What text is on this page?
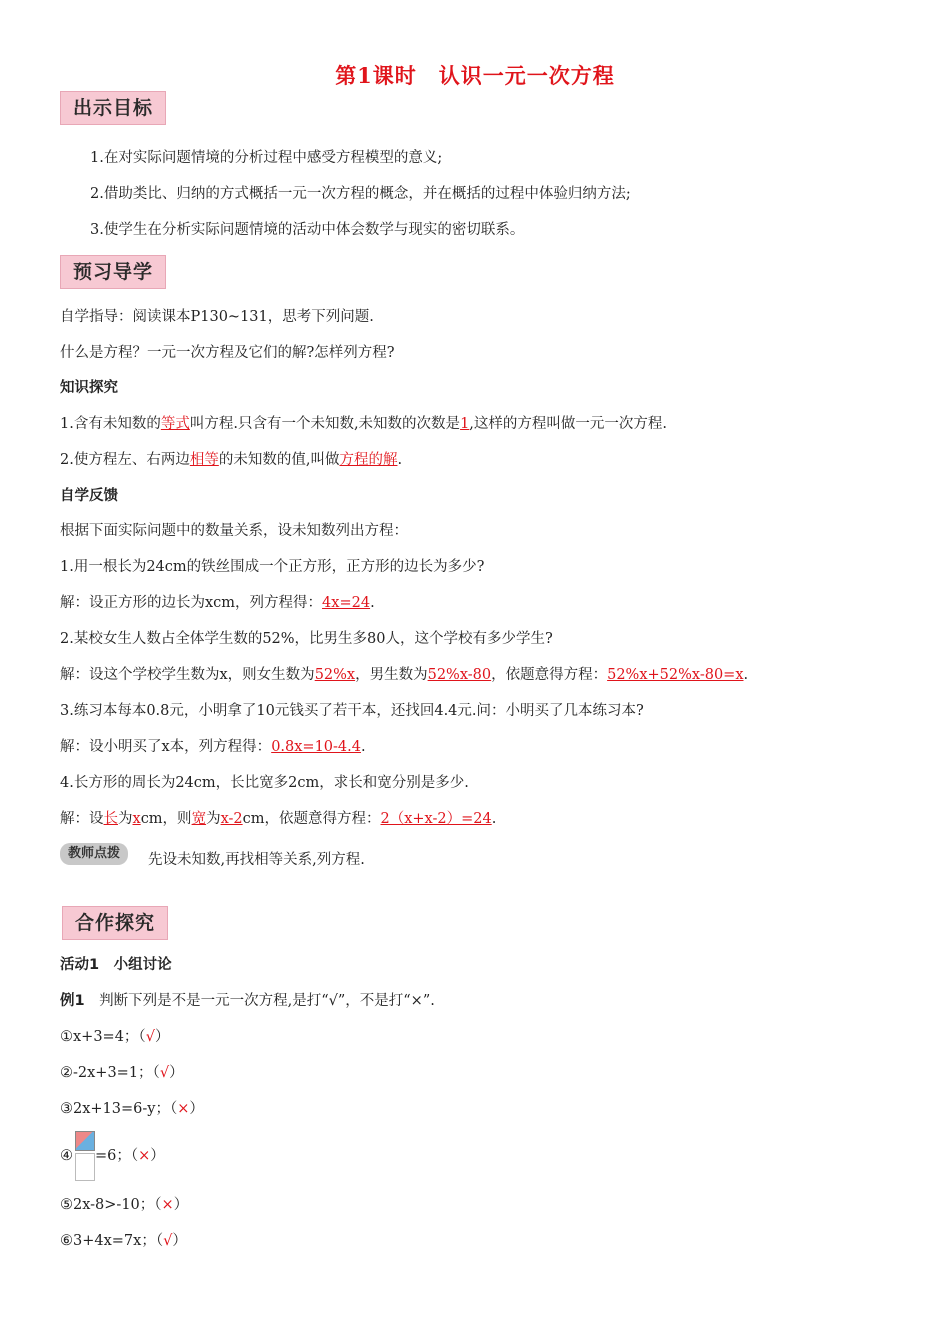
第1课时　认识一元一次方程
出示目标
1.在对实际问题情境的分析过程中感受方程模型的意义;
2.借助类比、归纳的方式概括一元一次方程的概念，并在概括的过程中体验归纳方法;
3.使学生在分析实际问题情境的活动中体会数学与现实的密切联系。
预习导学
自学指导：阅读课本P130~131，思考下列问题.
什么是方程？一元一次方程及它们的解?怎样列方程?
知识探究
1.含有未知数的等式叫方程.只含有一个未知数,未知数的次数是1,这样的方程叫做一元一次方程.
2.使方程左、右两边相等的未知数的值,叫做方程的解.
自学反馈
根据下面实际问题中的数量关系，设未知数列出方程：
1.用一根长为24cm的铁丝围成一个正方形，正方形的边长为多少?
解：设正方形的边长为xcm，列方程得：4x=24.
2.某校女生人数占全体学生数的52%，比男生多80人，这个学校有多少学生?
解：设这个学校学生数为x，则女生数为52%x，男生数为52%x-80，依题意得方程：52%x+52%x-80=x.
3.练习本每本0.8元，小明拿了10元钱买了若干本，还找回4.4元.问：小明买了几本练习本?
解：设小明买了x本，列方程得：0.8x=10-4.4.
4.长方形的周长为24cm，长比宽多2cm，求长和宽分别是多少.
解：设长为xcm，则宽为x-2cm，依题意得方程：2（x+x-2）=24.
教师点拨	先设未知数,再找相等关系,列方程.
合作探究
活动1　小组讨论
例1　判断下列是不是一元一次方程,是打“√”，不是打“×”.
①x+3=4；（√）
②-2x+3=1；（√）
③2x+13=6-y；（×）
④ =6；（ × ）
⑤2x-8>-10；（×）
⑥3+4x=7x；（√）
